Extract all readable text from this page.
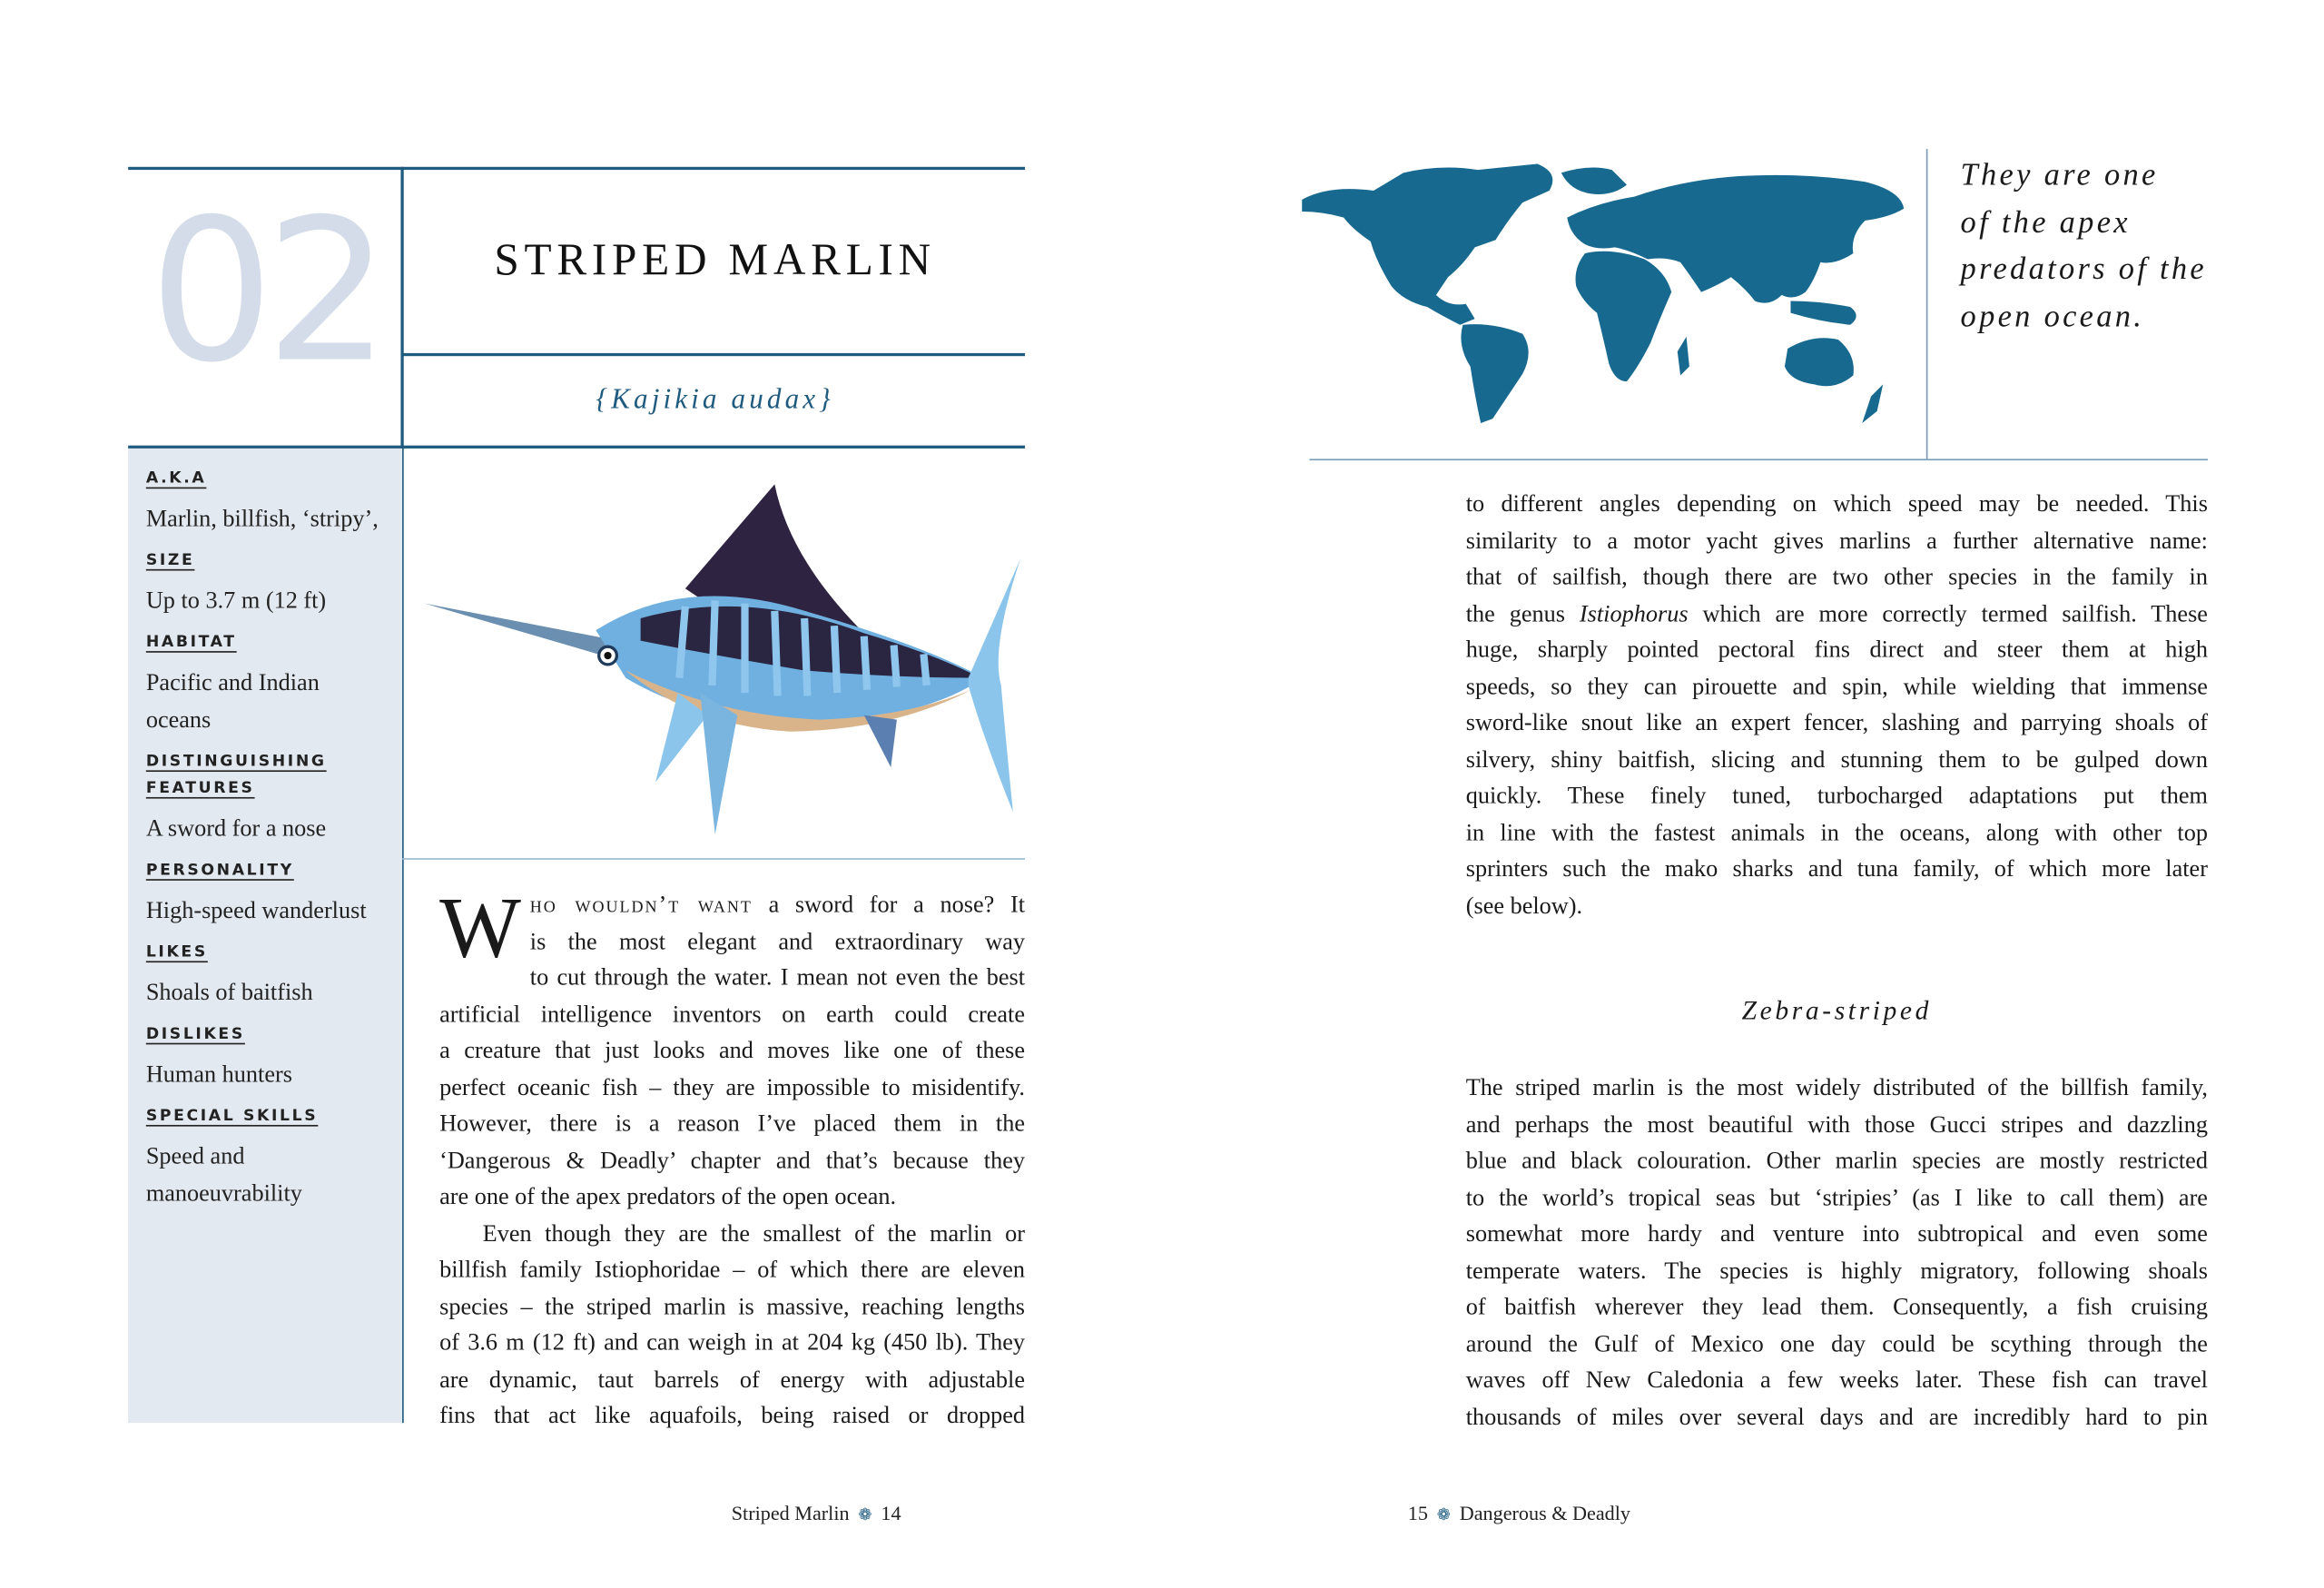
02	STRIPED MARLIN
{Kajikia audax}
A.K.A
Marlin, billfish, ‘stripy’,
SIZE
Up to 3.7 m (12 ft)
HABITAT
Pacific and Indian
oceans
DISTINGUISHING FEATURES
A sword for a nose
PERSONALITY
High-speed wanderlust
LIKES
Shoals of baitfish
DISLIKES
Human hunters
SPECIAL SKILLS
Speed and
manoeuvrability
W ho wouldn’t want a sword for a nose? It
is the most elegant and extraordinary way
to cut through the water. I mean not even the best
artificial intelligence inventors on earth could create
a creature that just looks and moves like one of these
perfect oceanic fish – they are impossible to misidentify.
However, there is a reason I’ve placed them in the
‘Dangerous & Deadly’ chapter and that’s because they
are one of the apex predators of the open ocean.
Even though they are the smallest of the marlin or
billfish family Istiophoridae – of which there are eleven
species – the striped marlin is massive, reaching lengths
of 3.6 m (12 ft) and can weigh in at 204 kg (450 lb). They
are dynamic, taut barrels of energy with adjustable
fins that act like aquafoils, being raised or dropped
Striped Marlin ❁ 14
They are one
of the apex
predators of the
open ocean.
to different angles depending on which speed may be needed. This
similarity to a motor yacht gives marlins a further alternative name:
that of sailfish, though there are two other species in the family in
the genus Istiophorus which are more correctly termed sailfish. These
huge, sharply pointed pectoral fins direct and steer them at high
speeds, so they can pirouette and spin, while wielding that immense
sword-like snout like an expert fencer, slashing and parrying shoals of
silvery, shiny baitfish, slicing and stunning them to be gulped down
quickly. These finely tuned, turbocharged adaptations put them
in line with the fastest animals in the oceans, along with other top
sprinters such the mako sharks and tuna family, of which more later
(see below).
Zebra-striped
The striped marlin is the most widely distributed of the billfish family,
and perhaps the most beautiful with those Gucci stripes and dazzling
blue and black colouration. Other marlin species are mostly restricted
to the world’s tropical seas but ‘stripies’ (as I like to call them) are
somewhat more hardy and venture into subtropical and even some
temperate waters. The species is highly migratory, following shoals
of baitfish wherever they lead them. Consequently, a fish cruising
around the Gulf of Mexico one day could be scything through the
waves off New Caledonia a few weeks later. These fish can travel
thousands of miles over several days and are incredibly hard to pin
15 ❁ Dangerous & Deadly
